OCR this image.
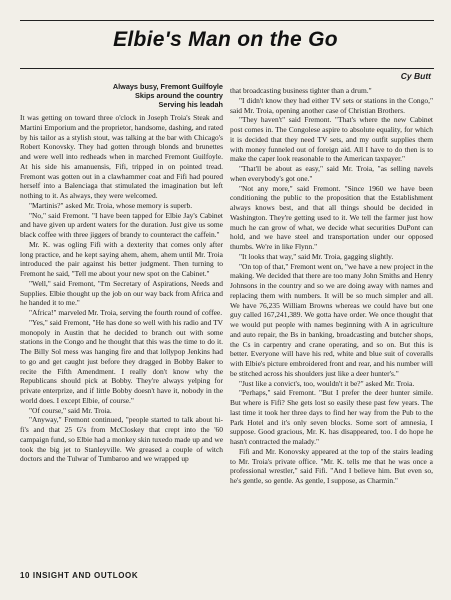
Elbie's Man on the Go
Cy Butt
Always busy, Fremont Guilfoyle
Skips around the country
Serving his leadah

It was getting on toward three o'clock in Joseph Troia's Steak and Martini Emporium and the proprietor, handsome, dashing, and rated by his tailor as a stylish stout, was talking at the bar with Chicago's Robert Konovsky. They had gotten through blonds and brunettes and were well into redheads when in marched Fremont Guilfoyle. At his side his amanuensis, Fifi, tripped in on pointed tread. Fremont was gotten out in a clawhammer coat and Fifi had poured herself into a Balenciaga that stimulated the imagination but left nothing to it. As always, they were welcomed.

"Martinis?" asked Mr. Troia, whose memory is superb.

"No," said Fremont. "I have been tapped for Elbie Jay's Cabinet and have given up ardent waters for the duration. Just give us some black coffee with three jiggers of brandy to counteract the caffein."

Mr. K. was ogling Fifi with a dexterity that comes only after long practice, and he kept saying ahem, ahem, ahem until Mr. Troia introduced the pair against his better judgment. Then turning to Fremont he said, "Tell me about your new spot on the Cabinet."

"Well," said Fremont, "I'm Secretary of Aspirations, Needs and Supplies. Elbie thought up the job on our way back from Africa and he handed it to me."

"Africa!" marveled Mr. Troia, serving the fourth round of coffee.

"Yes," said Fremont, "He has done so well with his radio and TV monopoly in Austin that he decided to branch out with some stations in the Congo and he thought that this was the time to do it. The Billy Sol mess was hanging fire and that lollypop Jenkins had to go and get caught just before they dragged in Bobby Baker to recite the Fifth Amendment. I really don't know why the Republicans should pick at Bobby. They're always yelping for private enterprize, and if little Bobby doesn't have it, nobody in the world does. I except Elbie, of course."

"Of course," said Mr. Troia.

"Anyway," Fremont continued, "people started to talk about hi-fi's and that 25 G's from McCloskey that crept into the '60 campaign fund, so Elbie had a monkey skin tuxedo made up and we took the big jet to Stanleyville. We greased a couple of witch doctors and the Tulwar of Tumbaroo and we wrapped up

that broadcasting business tighter than a drum."

"I didn't know they had either TV sets or stations in the Congo," said Mr. Troia, opening another case of Christian Brothers.

"They haven't" said Fremont. "That's where the new Cabinet post comes in. The Congolese aspire to absolute equality, for which it is decided that they need TV sets, and my outfit supplies them with money funneled out of foreign aid. All I have to do then is to make the caper look reasonable to the American taxpayer."

"That'll be about as easy," said Mr. Troia, "as selling navels when everybody's got one."

"Not any more," said Fremont. "Since 1960 we have been conditioning the public to the proposition that the Establishment always knows best, and that all things should be decided in Washington. They're getting used to it. We tell the farmer just how much he can grow of what, we decide what securities DuPont can hold, and we have steel and transportation under our opposed thumbs. We're in like Flynn."

"It looks that way," said Mr. Troia, gagging slightly.

"On top of that," Fremont went on, "we have a new project in the making. We decided that there are too many John Smiths and Henry Johnsons in the country and so we are doing away with names and replacing them with numbers. It will be so much simpler and all. We have 76,235 William Browns whereas we could have but one guy called 167,241,389. We gotta have order. We once thought that we would put people with names beginning with A in agriculture and auto repair, the Bs in banking, broadcasting and butcher shops, the Cs in carpentry and crane operating, and so on. But this is better. Everyone will have his red, white and blue suit of coveralls with Elbie's picture embroidered front and rear, and his number will be stitched across his shoulders just like a deer hunter's."

"Just like a convict's, too, wouldn't it be?" asked Mr. Troia.

"Perhaps," said Fremont. "But I prefer the deer hunter simile. But where is Fifi? She gets lost so easily these past few years. The last time it took her three days to find her way from the Pub to the Park Hotel and it's only seven blocks. Some sort of amnesia, I suppose. Good gracious, Mr. K. has disappeared, too. I do hope he hasn't contracted the malady."

Fifi and Mr. Konovsky appeared at the top of the stairs leading to Mr. Troia's private office. "Mr. K. tells me that he was once a professional wrestler," said Fifi. "And I believe him. But even so, he's gentle, so gentle. As gentle, I suppose, as Charmin."

10 INSIGHT AND OUTLOOK
